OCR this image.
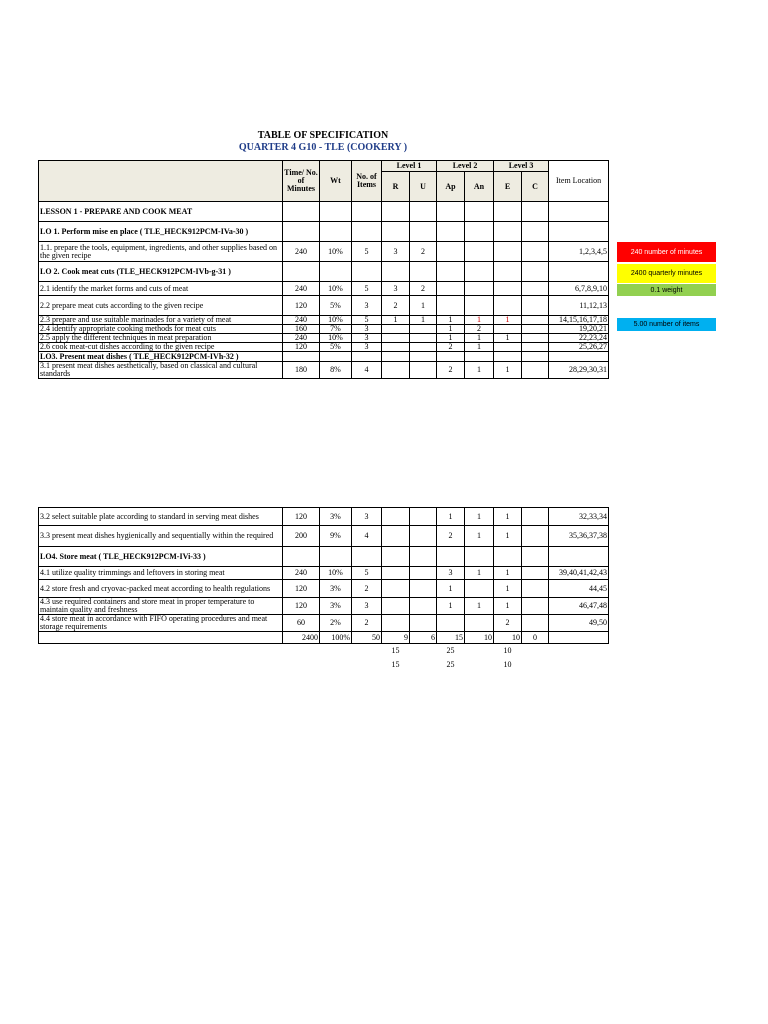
TABLE OF SPECIFICATION
QUARTER 4 G10 - TLE (COOKERY )
	Time/ No. of Minutes	Wt	No. of Items	Level 1		Level 2		Level 3		Item Location
				R	U	Ap	An	E	C	
LESSON 1 - PREPARE AND COOK MEAT										
LO 1. Perform mise en place ( TLE_HECK912PCM-IVa-30 )										
1.1. prepare the tools, equipment, ingredients, and other supplies based on the given recipe	240	10%	5	3	2					1,2,3,4,5
LO 2. Cook meat cuts (TLE_HECK912PCM-IVb-g-31 )										
2.1 identify the market forms and cuts of meat	240	10%	5	3	2					6,7,8,9,10
2.2 prepare meat cuts according to the given recipe	120	5%	3	2	1					11,12,13
2.3 prepare and use suitable marinades for a variety of meat	240	10%	5	1	1	1	1	1		14,15,16,17,18
2.4 identify appropriate cooking methods for meat cuts	160	7%	3			1	2			19,20,21
2.5 apply the different techniques in meat preparation	240	10%	3			1	1	1		22,23,24
2.6 cook meat-cut dishes according to the given recipe	120	5%	3			2	1			25,26,27
LO3. Present meat dishes ( TLE_HECK912PCM-IVh-32 )										
3.1 present meat dishes aesthetically, based on classical and cultural standards	180	8%	4			2	1	1		28,29,30,31
3.2 select suitable plate according to standard in serving meat dishes	120	3%	3			1	1	1		32,33,34
3.3 present meat dishes hygienically and sequentially within the required	200	9%	4			2	1	1		35,36,37,38
LO4. Store meat ( TLE_HECK912PCM-IVi-33 )										
4.1 utilize quality trimmings and leftovers in storing meat	240	10%	5			3	1	1		39,40,41,42,43
4.2 store fresh and cryovac-packed meat according to health regulations	120	3%	2			1		1		44,45
4.3 use required containers and store meat in proper temperature to maintain quality and freshness	120	3%	3			1	1	1		46,47,48
4.4 store meat in accordance with FIFO operating procedures and meat storage requirements	60	2%	2					2		49,50
	2400	100%	50	9	6	15	10	10	0	
				15		25		10		
				15		25		10		
240 number of minutes
2400 quarterly minutes
0.1 weight
5.00 number of items
